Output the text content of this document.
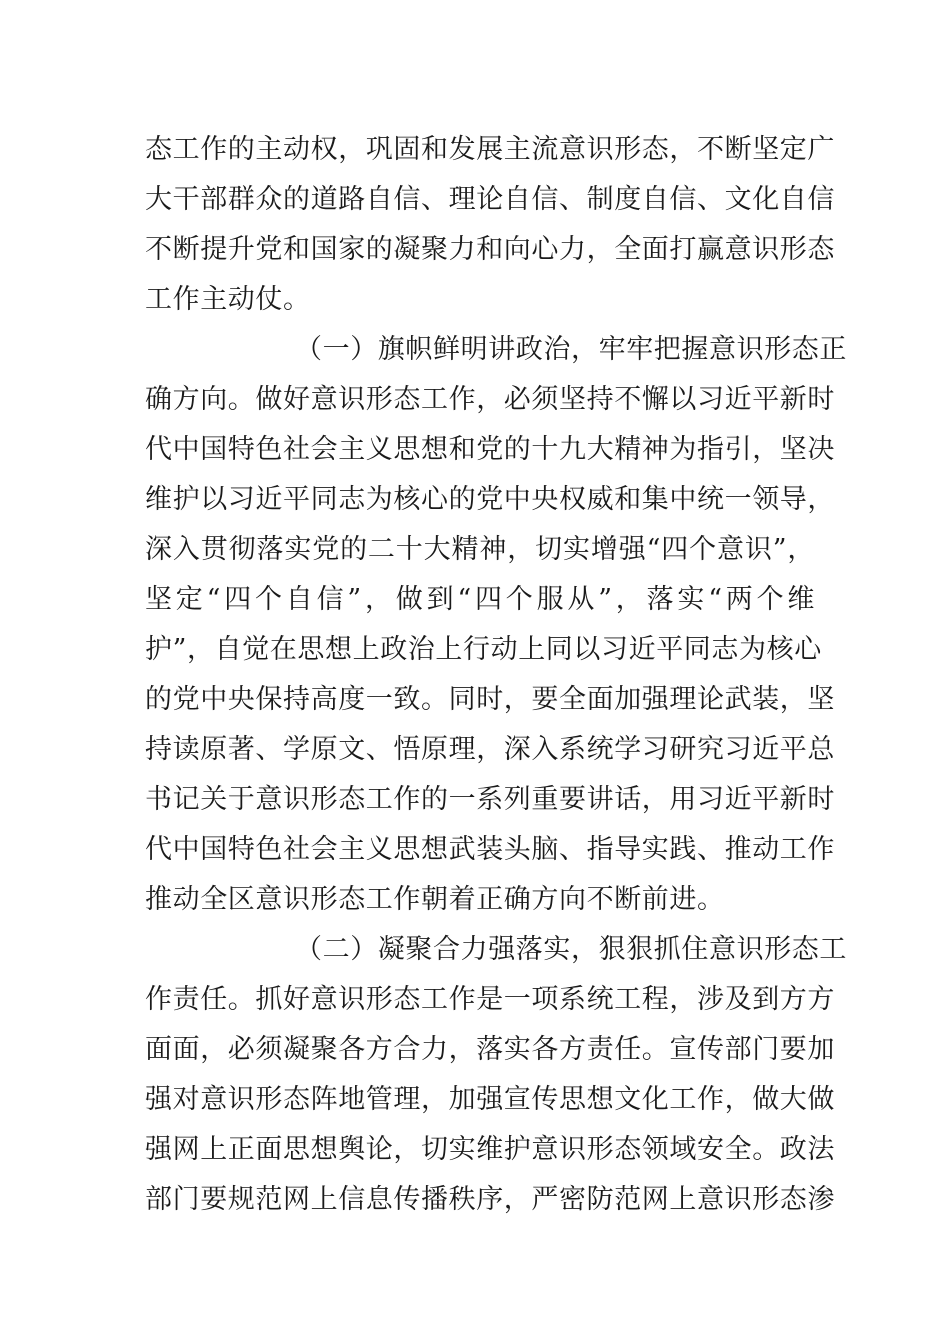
态工作的主动权，巩固和发展主流意识形态，不断坚定广
大干部群众的道路自信、理论自信、制度自信、文化自信
不断提升党和国家的凝聚力和向心力，全面打赢意识形态
工作主动仗。
（一）旗帜鲜明讲政治，牢牢把握意识形态正
确方向。做好意识形态工作，必须坚持不懈以习近平新时
代中国特色社会主义思想和党的十九大精神为指引，坚决
维护以习近平同志为核心的党中央权威和集中统一领导，
深入贯彻落实党的二十大精神，切实增强“四个意识”，
坚定“四个自信”，做到“四个服从”，落实“两个维
护”，自觉在思想上政治上行动上同以习近平同志为核心
的党中央保持高度一致。同时，要全面加强理论武装，坚
持读原著、学原文、悟原理，深入系统学习研究习近平总
书记关于意识形态工作的一系列重要讲话，用习近平新时
代中国特色社会主义思想武装头脑、指导实践、推动工作
推动全区意识形态工作朝着正确方向不断前进。
（二）凝聚合力强落实，狠狠抓住意识形态工
作责任。抓好意识形态工作是一项系统工程，涉及到方方
面面，必须凝聚各方合力，落实各方责任。宣传部门要加
强对意识形态阵地管理，加强宣传思想文化工作，做大做
强网上正面思想舆论，切实维护意识形态领域安全。政法
部门要规范网上信息传播秩序，严密防范网上意识形态渗
